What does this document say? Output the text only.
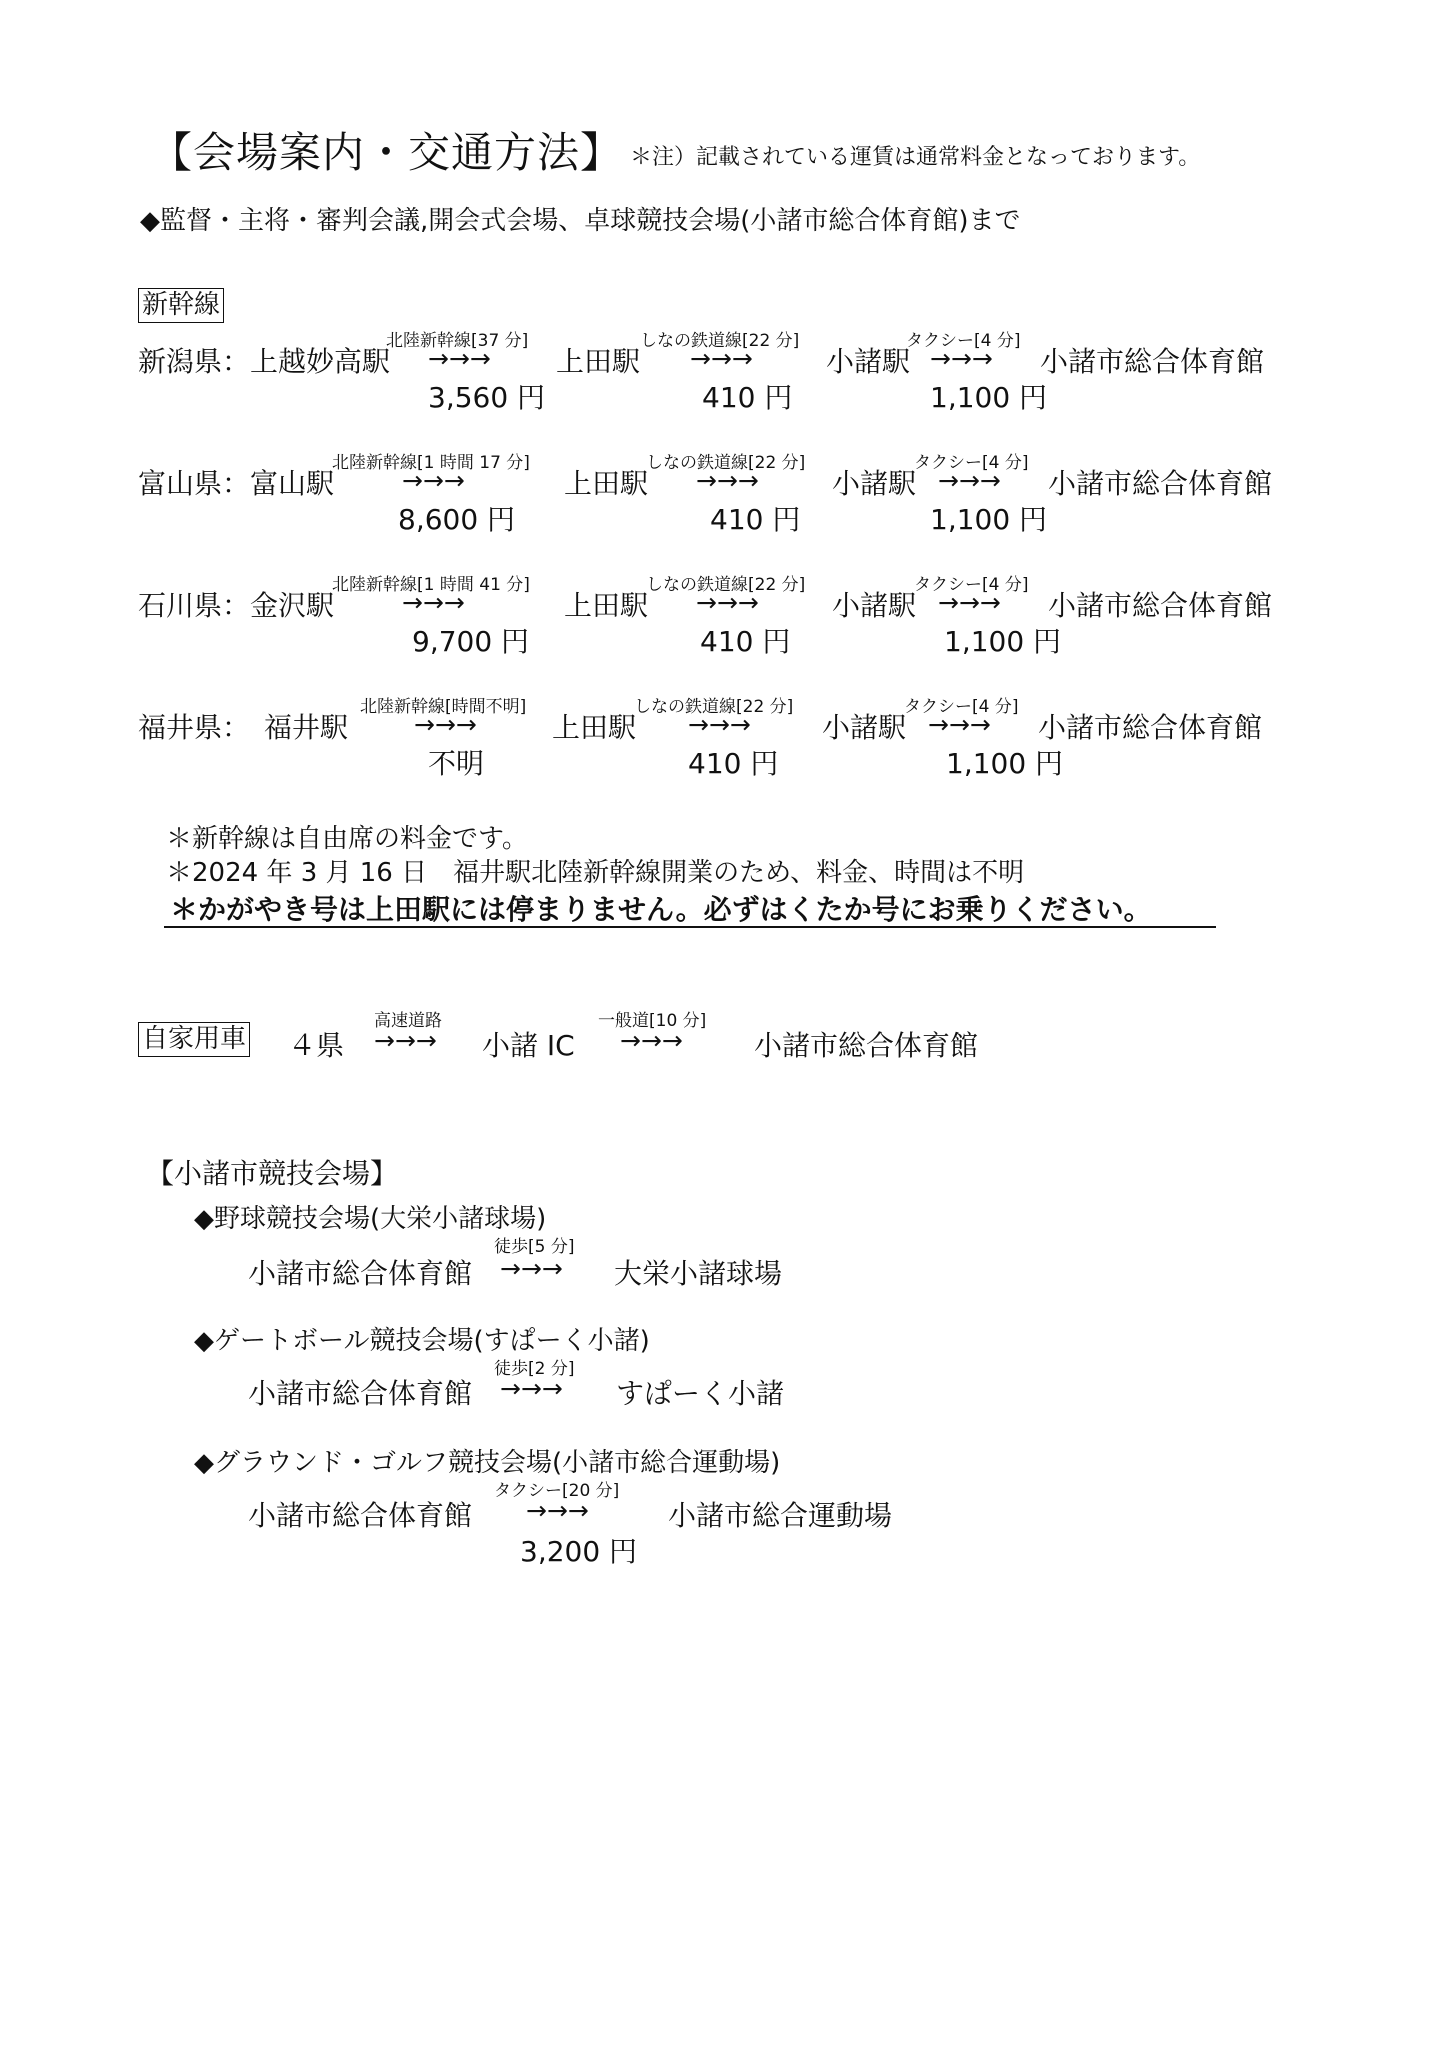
【会場案内・交通方法】 ＊注）記載されている運賃は通常料金となっております。
◆監督・主将・審判会議,開会式会場、卓球競技会場(小諸市総合体育館)まで
新幹線
新潟県：上越妙高駅
北陸新幹線[37 分]
→→→
3,560 円
上田駅
しなの鉄道線[22 分]
→→→
410 円
小諸駅
タクシー[4 分]
→→→
1,100 円
小諸市総合体育館
富山県：富山駅
北陸新幹線[1 時間 17 分]
→→→
8,600 円
上田駅
しなの鉄道線[22 分]
→→→
410 円
小諸駅
タクシー[4 分]
→→→
1,100 円
小諸市総合体育館
石川県：金沢駅
北陸新幹線[1 時間 41 分]
→→→
9,700 円
上田駅
しなの鉄道線[22 分]
→→→
410 円
小諸駅
タクシー[4 分]
→→→
1,100 円
小諸市総合体育館
福井県：　福井駅
北陸新幹線[時間不明]
→→→
不明
上田駅
しなの鉄道線[22 分]
→→→
410 円
小諸駅
タクシー[4 分]
→→→
1,100 円
小諸市総合体育館
＊新幹線は自由席の料金です。
＊2024 年 3 月 16 日　福井駅北陸新幹線開業のため、料金、時間は不明
＊かがやき号は上田駅には停まりません。必ずはくたか号にお乗りください。
自家用車 ４県
高速道路
→→→ 小諸 IC
一般道[10 分]
→→→	小諸市総合体育館
【小諸市競技会場】
◆野球競技会場(大栄小諸球場)
小諸市総合体育館
徒歩[5 分]
→→→ 大栄小諸球場
◆ゲートボール競技会場(すぱーく小諸)
小諸市総合体育館
徒歩[2 分]
→→→ すぱーく小諸
◆グラウンド・ゴルフ競技会場(小諸市総合運動場)
小諸市総合体育館
タクシー[20 分]
→→→	小諸市総合運動場
3,200 円
